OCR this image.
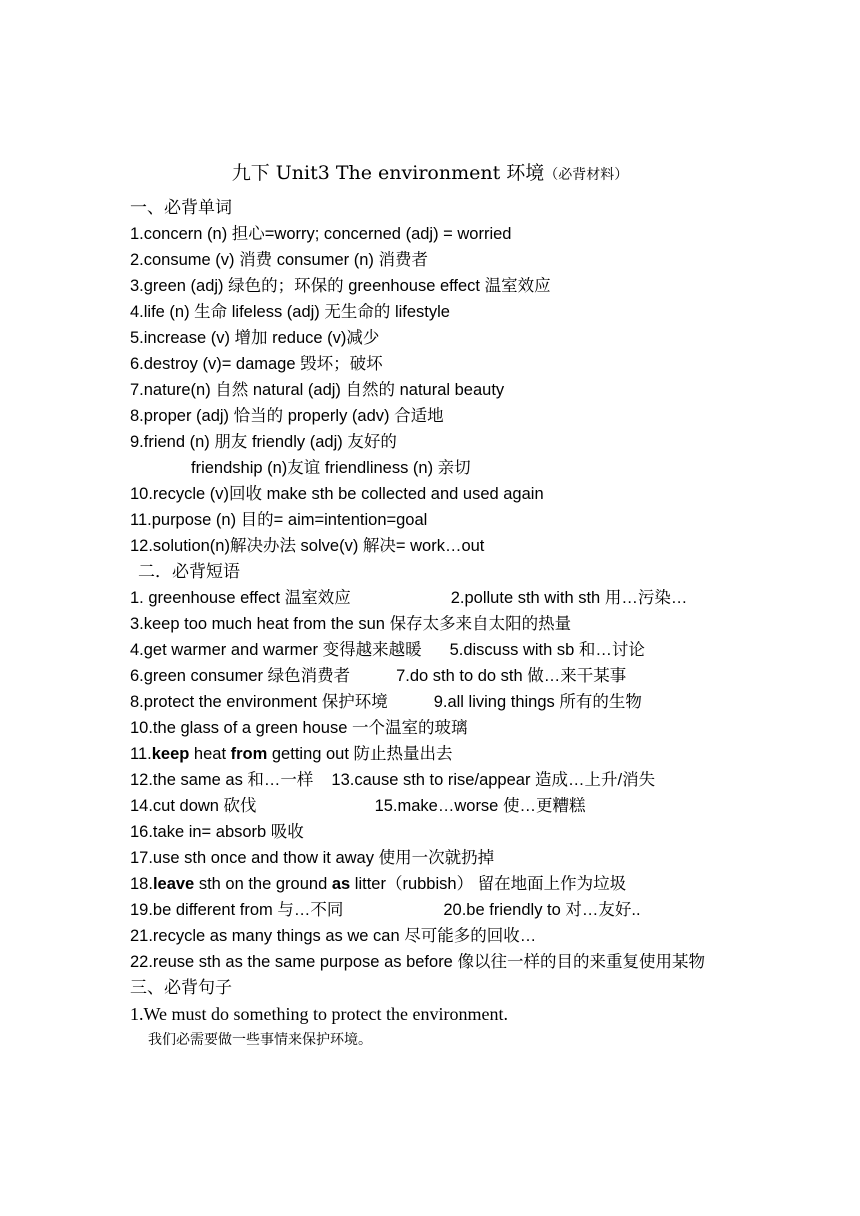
九下 Unit3 The environment 环境（必背材料）
一、必背单词
1.concern (n) 担心=worry; concerned (adj) = worried
2.consume (v) 消费 consumer (n) 消费者
3.green (adj) 绿色的；环保的 greenhouse effect 温室效应
4.life (n) 生命 lifeless (adj) 无生命的 lifestyle
5.increase (v) 增加 reduce (v)减少
6.destroy (v)= damage 毁坏；破坏
7.nature(n) 自然 natural (adj) 自然的 natural beauty
8.proper (adj) 恰当的 properly (adv) 合适地
9.friend (n) 朋友 friendly (adj) 友好的
friendship (n)友谊 friendliness (n) 亲切
10.recycle (v)回收 make sth be collected and used again
11.purpose (n) 目的= aim=intention=goal
12.solution(n)解决办法 solve(v) 解决= work…out
二．必背短语
1. greenhouse effect 温室效应	2.pollute sth with sth 用…污染…
3.keep too much heat from the sun 保存太多来自太阳的热量
4.get warmer and warmer 变得越来越暖 5.discuss with sb 和…讨论
6.green consumer 绿色消费者	7.do sth to do sth 做…来干某事
8.protect the environment 保护环境	9.all living things 所有的生物
10.the glass of a green house 一个温室的玻璃
11.keep heat from getting out 防止热量出去
12.the same as 和…一样 13.cause sth to rise/appear 造成…上升/消失
14.cut down 砍伐	15.make…worse 使…更糟糕
16.take in= absorb 吸收
17.use sth once and thow it away 使用一次就扔掉
18.leave sth on the ground as litter（rubbish） 留在地面上作为垃圾
19.be different from 与…不同	20.be friendly to 对…友好..
21.recycle as many things as we can 尽可能多的回收…
22.reuse sth as the same purpose as before 像以往一样的目的来重复使用某物
三、必背句子
1.We must do something to protect the environment.
我们必需要做一些事情来保护环境。
